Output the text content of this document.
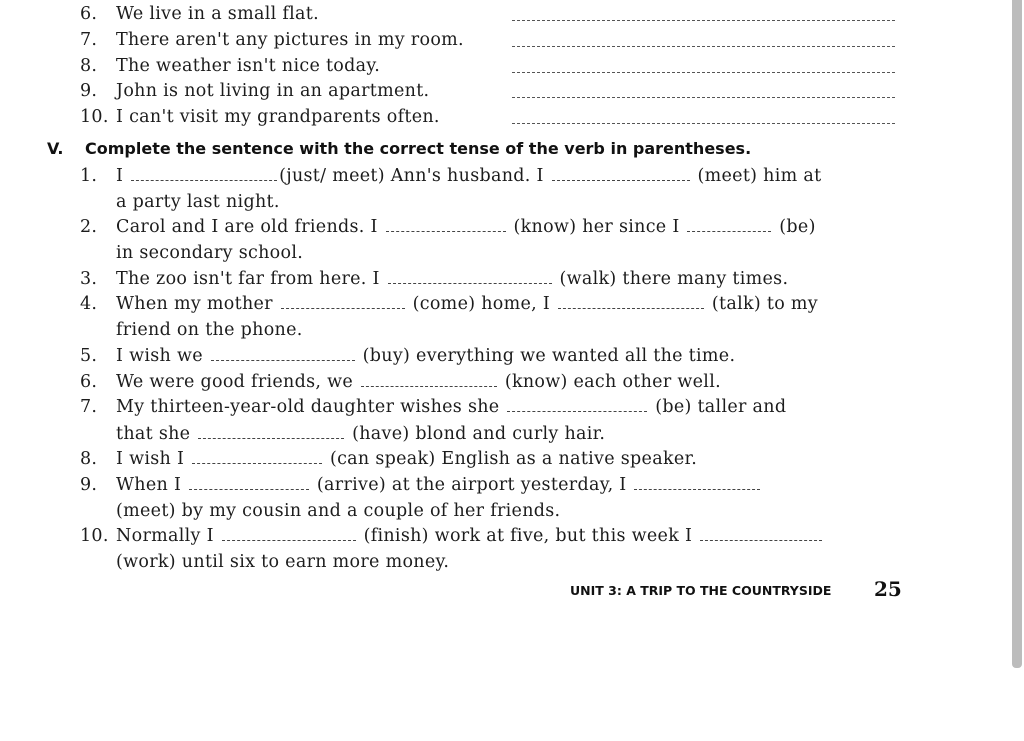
6. We live in a small flat.
7. There aren't any pictures in my room.
8. The weather isn't nice today.
9. John is not living in an apartment.
10. I can't visit my grandparents often.
V. Complete the sentence with the correct tense of the verb in parentheses.
1. I	(just/ meet) Ann's husband. I	(meet) him at
a party last night.
2. Carol and I are old friends. I	(know) her since I	(be)
in secondary school.
3. The zoo isn't far from here. I	(walk) there many times.
4. When my mother	(come) home, I	(talk) to my
friend on the phone.
5. I wish we	(buy) everything we wanted all the time.
6. We were good friends, we	(know) each other well.
7. My thirteen-year-old daughter wishes she	(be) taller and
that she	(have) blond and curly hair.
8. I wish I	(can speak) English as a native speaker.
9. When I	(arrive) at the airport yesterday, I
(meet) by my cousin and a couple of her friends.
10. Normally I	(finish) work at five, but this week I
(work) until six to earn more money.
UNIT 3: A TRIP TO THE COUNTRYSIDE 25
